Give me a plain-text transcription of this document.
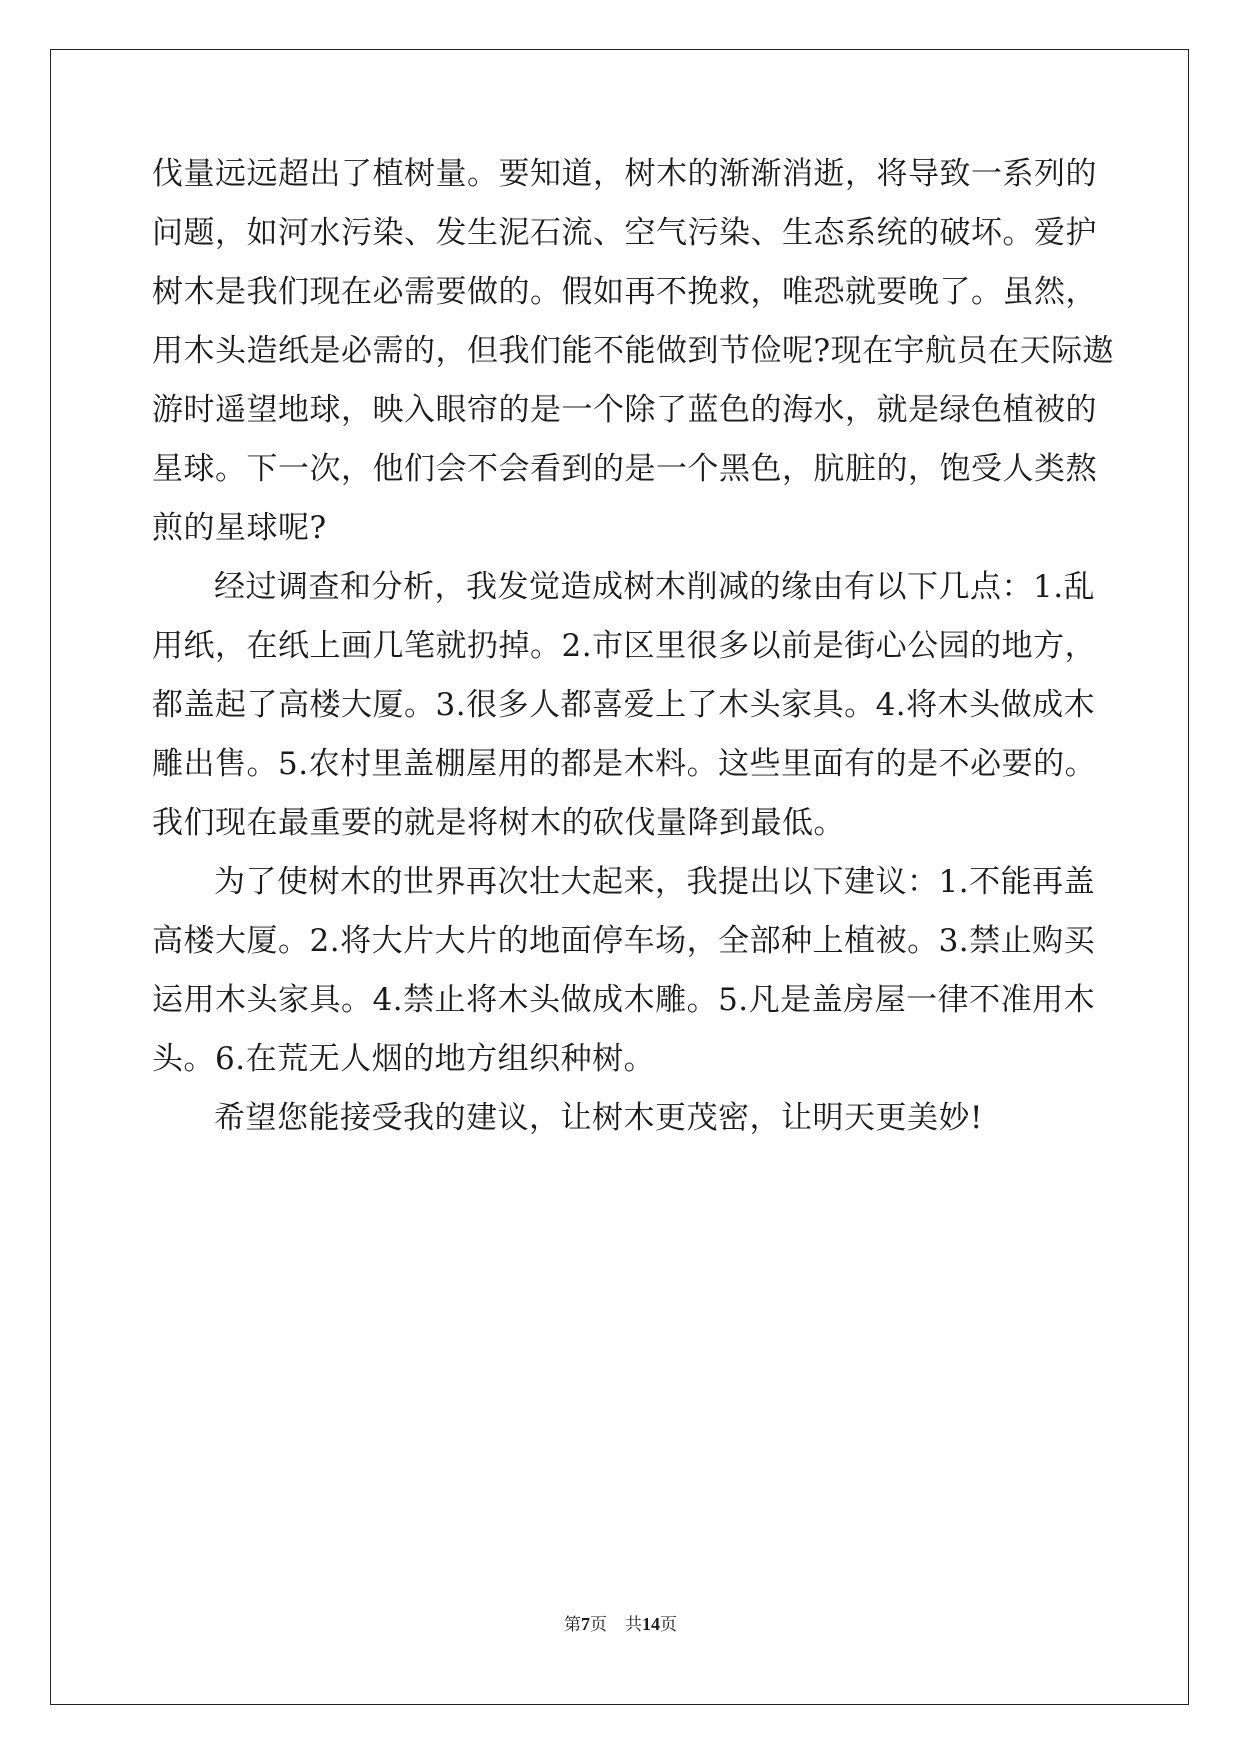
伐量远远超出了植树量。要知道，树木的渐渐消逝，将导致一系列的
问题，如河水污染、发生泥石流、空气污染、生态系统的破坏。爱护
树木是我们现在必需要做的。假如再不挽救，唯恐就要晚了。虽然，
用木头造纸是必需的，但我们能不能做到节俭呢?现在宇航员在天际遨
游时遥望地球，映入眼帘的是一个除了蓝色的海水，就是绿色植被的
星球。下一次，他们会不会看到的是一个黑色，肮脏的，饱受人类熬
煎的星球呢?
经过调查和分析，我发觉造成树木削减的缘由有以下几点：1.乱
用纸，在纸上画几笔就扔掉。2.市区里很多以前是街心公园的地方，
都盖起了高楼大厦。3.很多人都喜爱上了木头家具。4.将木头做成木
雕出售。5.农村里盖棚屋用的都是木料。这些里面有的是不必要的。
我们现在最重要的就是将树木的砍伐量降到最低。
为了使树木的世界再次壮大起来，我提出以下建议：1.不能再盖
高楼大厦。2.将大片大片的地面停车场，全部种上植被。3.禁止购买
运用木头家具。4.禁止将木头做成木雕。5.凡是盖房屋一律不准用木
头。6.在荒无人烟的地方组织种树。
希望您能接受我的建议，让树木更茂密，让明天更美妙!
第7页 共14页
